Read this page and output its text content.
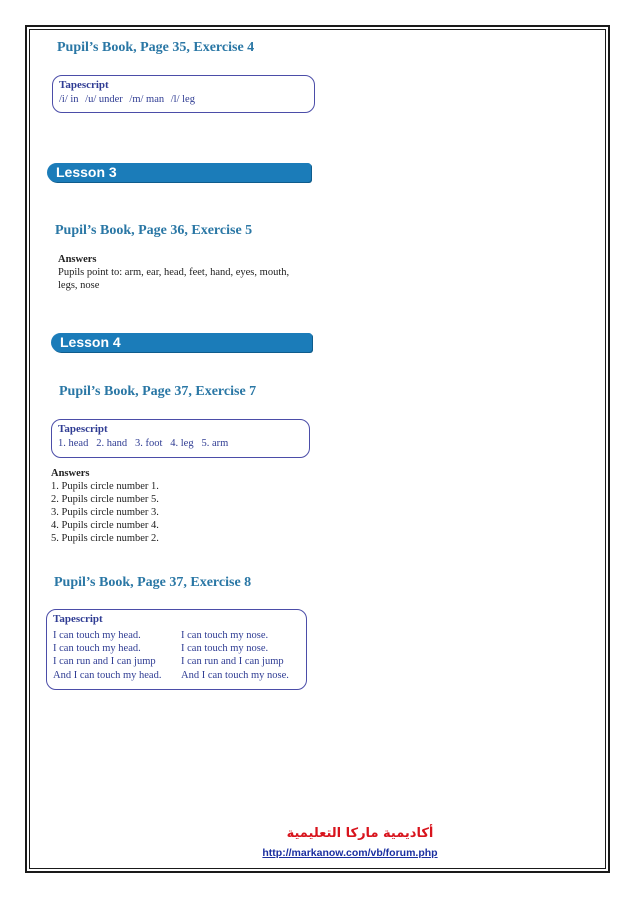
Pupil’s Book, Page 35, Exercise 4
Tapescript
/i/ in /u/ under /m/ man /l/ leg
Lesson 3
Pupil’s Book, Page 36, Exercise 5
Answers
Pupils point to: arm, ear, head, feet, hand, eyes, mouth,
legs, nose
Lesson 4
Pupil’s Book, Page 37, Exercise 7
Tapescript
1. head   2. hand   3. foot   4. leg   5. arm
Answers
1. Pupils circle number 1.
2. Pupils circle number 5.
3. Pupils circle number 3.
4. Pupils circle number 4.
5. Pupils circle number 2.
Pupil’s Book, Page 37, Exercise 8
Tapescript
I can touch my head.
I can touch my head.
I can run and I can jump
And I can touch my head.
I can touch my nose.
I can touch my nose.
I can run and I can jump
And I can touch my nose.
أكاديمية ماركا التعليمية
http://markanow.com/vb/forum.php
